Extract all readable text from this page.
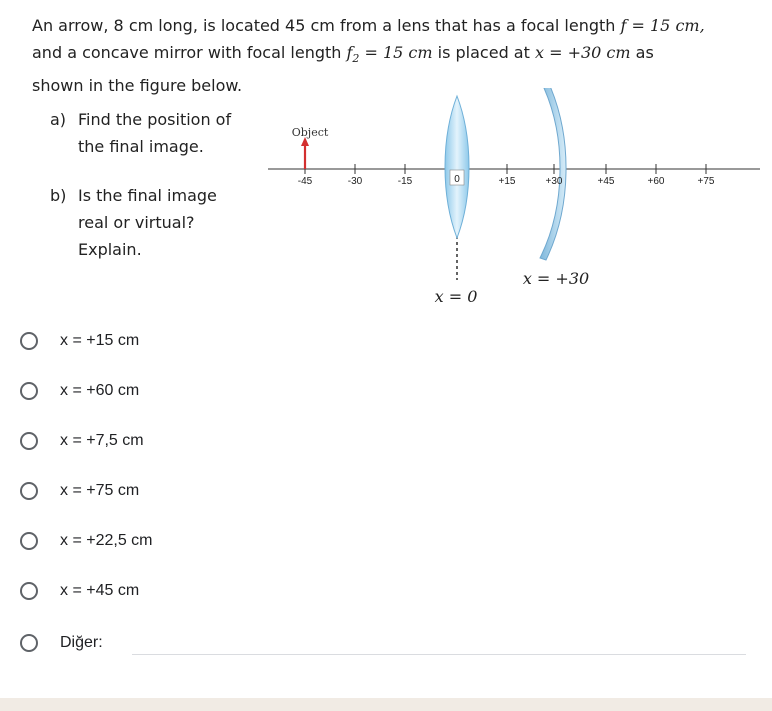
An arrow, 8 cm long, is located 45 cm from a lens that has a focal length f = 15 cm,

and a concave mirror with focal length $f_2 = 15$ cm is placed at x = +30 cm as

shown in the figure below.

a) Find the position of the final image.
b) Is the final image
real or virtual?
Explain.
Object
-45	-30	-15	0	+15	+30	+45	+60	+75
x = +30
x = 0
x = +15 cm
x = +60 cm
x = +7,5 cm
x = +75 cm
x = +22,5 cm
x = +45 cm
Diğer:
